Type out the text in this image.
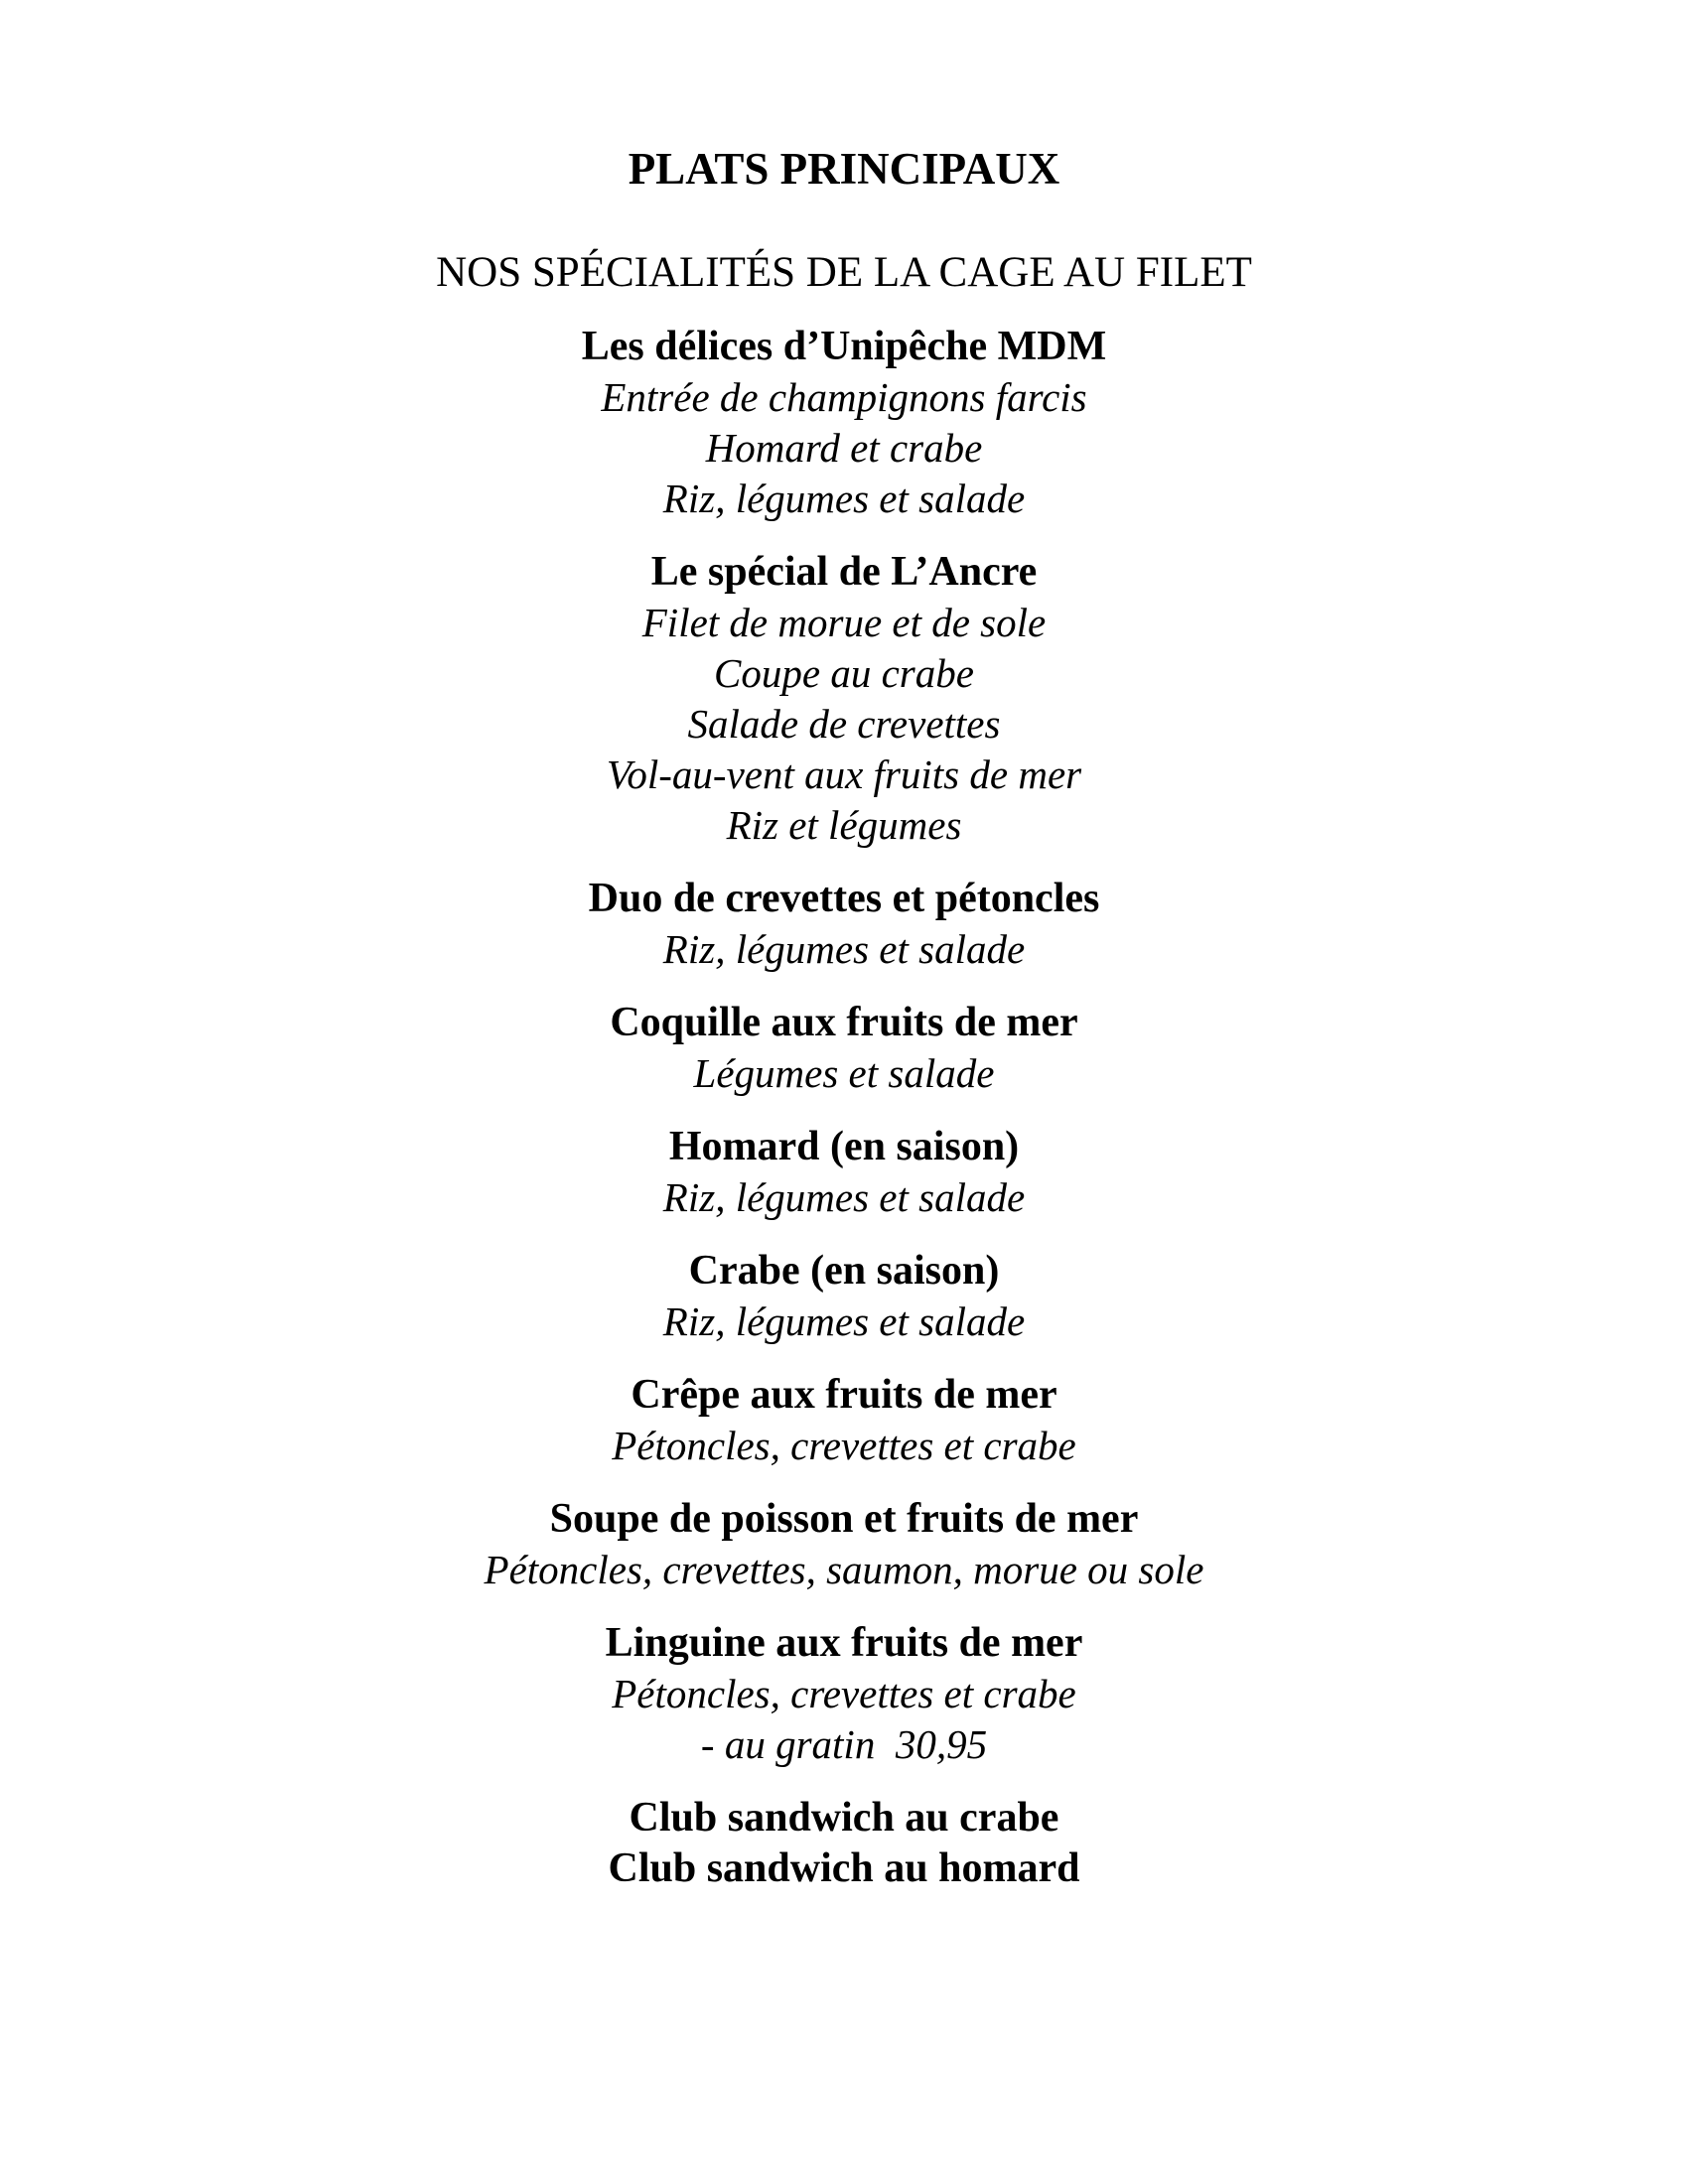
PLATS PRINCIPAUX
NOS SPÉCIALITÉS DE LA CAGE AU FILET
Les délices d’Unipêche MDM
Entrée de champignons farcis
Homard et crabe
Riz, légumes et salade
Le spécial de L’Ancre
Filet de morue et de sole
Coupe au crabe
Salade de crevettes
Vol-au-vent aux fruits de mer
Riz et légumes
Duo de crevettes et pétoncles
Riz, légumes et salade
Coquille aux fruits de mer
Légumes et salade
Homard (en saison)
Riz, légumes et salade
Crabe (en saison)
Riz, légumes et salade
Crêpe aux fruits de mer
Pétoncles, crevettes et crabe
Soupe de poisson et fruits de mer
Pétoncles, crevettes, saumon, morue ou sole
Linguine aux fruits de mer
Pétoncles, crevettes et crabe
- au gratin  30,95
Club sandwich au crabe
Club sandwich au homard
